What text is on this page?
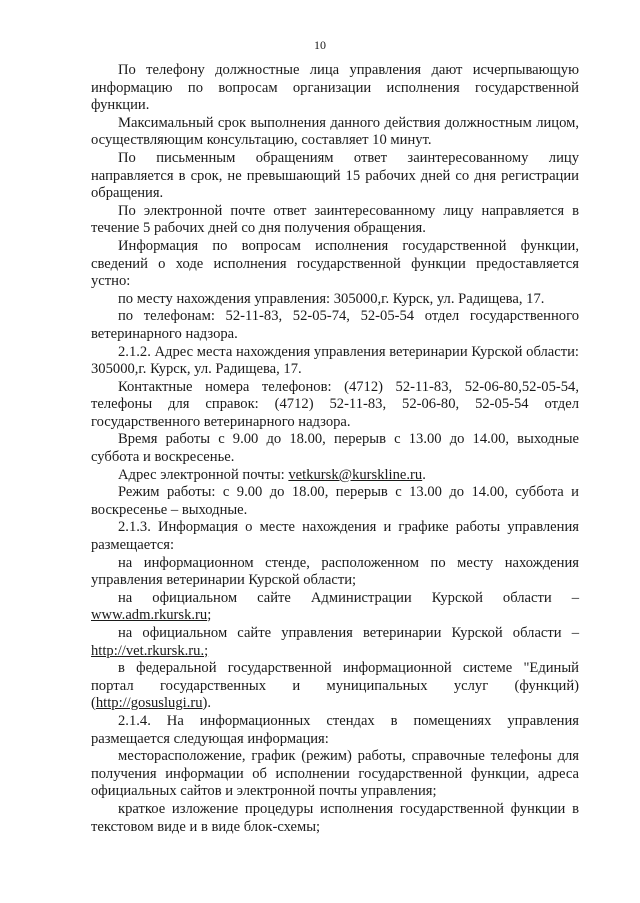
10

По телефону должностные лица управления дают исчерпывающую информацию по вопросам организации исполнения государственной функции.

Максимальный срок выполнения данного действия должностным лицом, осуществляющим консультацию, составляет 10 минут.

По письменным обращениям ответ заинтересованному лицу направляется в срок, не превышающий 15 рабочих дней со дня регистрации обращения.

По электронной почте ответ заинтересованному лицу направляется в течение 5 рабочих дней со дня получения обращения.

Информация по вопросам исполнения государственной функции, сведений о ходе исполнения государственной функции предоставляется устно:

по месту нахождения управления: 305000,г. Курск, ул. Радищева, 17.

по телефонам: 52-11-83, 52-05-74, 52-05-54 отдел государственного ветеринарного надзора.

2.1.2. Адрес места нахождения управления ветеринарии Курской области: 305000,г. Курск, ул. Радищева, 17.

Контактные номера телефонов: (4712) 52-11-83, 52-06-80,52-05-54, телефоны для справок: (4712) 52-11-83, 52-06-80, 52-05-54 отдел государственного ветеринарного надзора.

Время работы с 9.00 до 18.00, перерыв с 13.00 до 14.00, выходные суббота и воскресенье.

Адрес электронной почты: vetkursk@kurskline.ru.

Режим работы: с 9.00 до 18.00, перерыв с 13.00 до 14.00, суббота и воскресенье – выходные.

2.1.3. Информация о месте нахождения и графике работы управления размещается:

на информационном стенде, расположенном по месту нахождения управления ветеринарии Курской области;

на официальном сайте Администрации Курской области – www.adm.rkursk.ru;

на официальном сайте управления ветеринарии Курской области – http://vet.rkursk.ru.;

в федеральной государственной информационной системе "Единый портал государственных и муниципальных услуг (функций) (http://gosuslugi.ru).

2.1.4. На информационных стендах в помещениях управления размещается следующая информация:

месторасположение, график (режим) работы, справочные телефоны для получения информации об исполнении государственной функции, адреса официальных сайтов и электронной почты управления;

краткое изложение процедуры исполнения государственной функции в текстовом виде и в виде блок-схемы;
